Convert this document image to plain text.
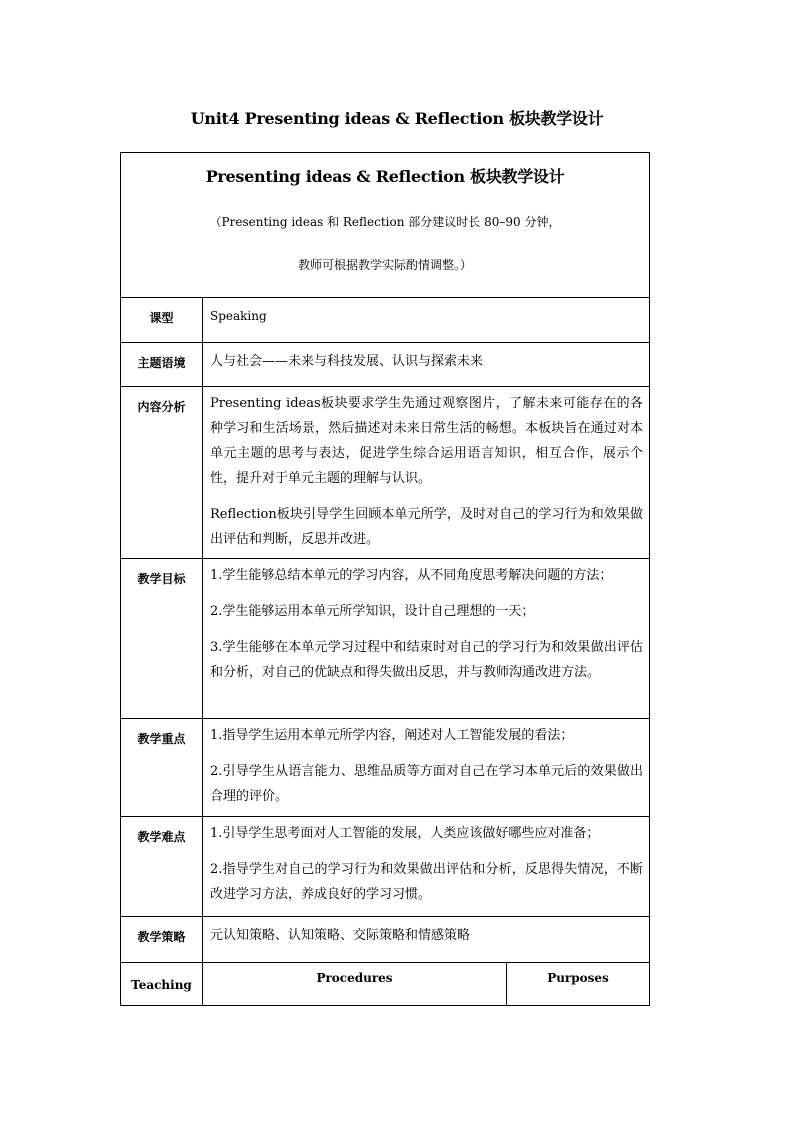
Unit4 Presenting ideas & Reflection 板块教学设计
Presenting ideas & Reflection 板块教学设计
（Presenting ideas 和 Reflection 部分建议时长 80–90 分钟，
教师可根据教学实际酌情调整。）		

课型	Speaking	

主题语境	人与社会——未来与科技发展、认识与探索未来	

内容分析	Presenting ideas板块要求学生先通过观察图片，了解未来可能存在的各种学习和生活场景，然后描述对未来日常生活的畅想。本板块旨在通过对本单元主题的思考与表达，促进学生综合运用语言知识，相互合作，展示个性，提升对于单元主题的理解与认识。

Reflection板块引导学生回顾本单元所学，及时对自己的学习行为和效果做出评估和判断，反思并改进。	

教学目标	1.学生能够总结本单元的学习内容，从不同角度思考解决问题的方法；

2.学生能够运用本单元所学知识，设计自己理想的一天；

3.学生能够在本单元学习过程中和结束时对自己的学习行为和效果做出评估和分析，对自己的优缺点和得失做出反思，并与教师沟通改进方法。	

教学重点	1.指导学生运用本单元所学内容，阐述对人工智能发展的看法；

2.引导学生从语言能力、思维品质等方面对自己在学习本单元后的效果做出合理的评价。	

教学难点	1.引导学生思考面对人工智能的发展，人类应该做好哪些应对准备；

2.指导学生对自己的学习行为和效果做出评估和分析，反思得失情况，不断改进学习方法，养成良好的学习习惯。	

教学策略	元认知策略、认知策略、交际策略和情感策略	

Teaching	Procedures	Purposes
